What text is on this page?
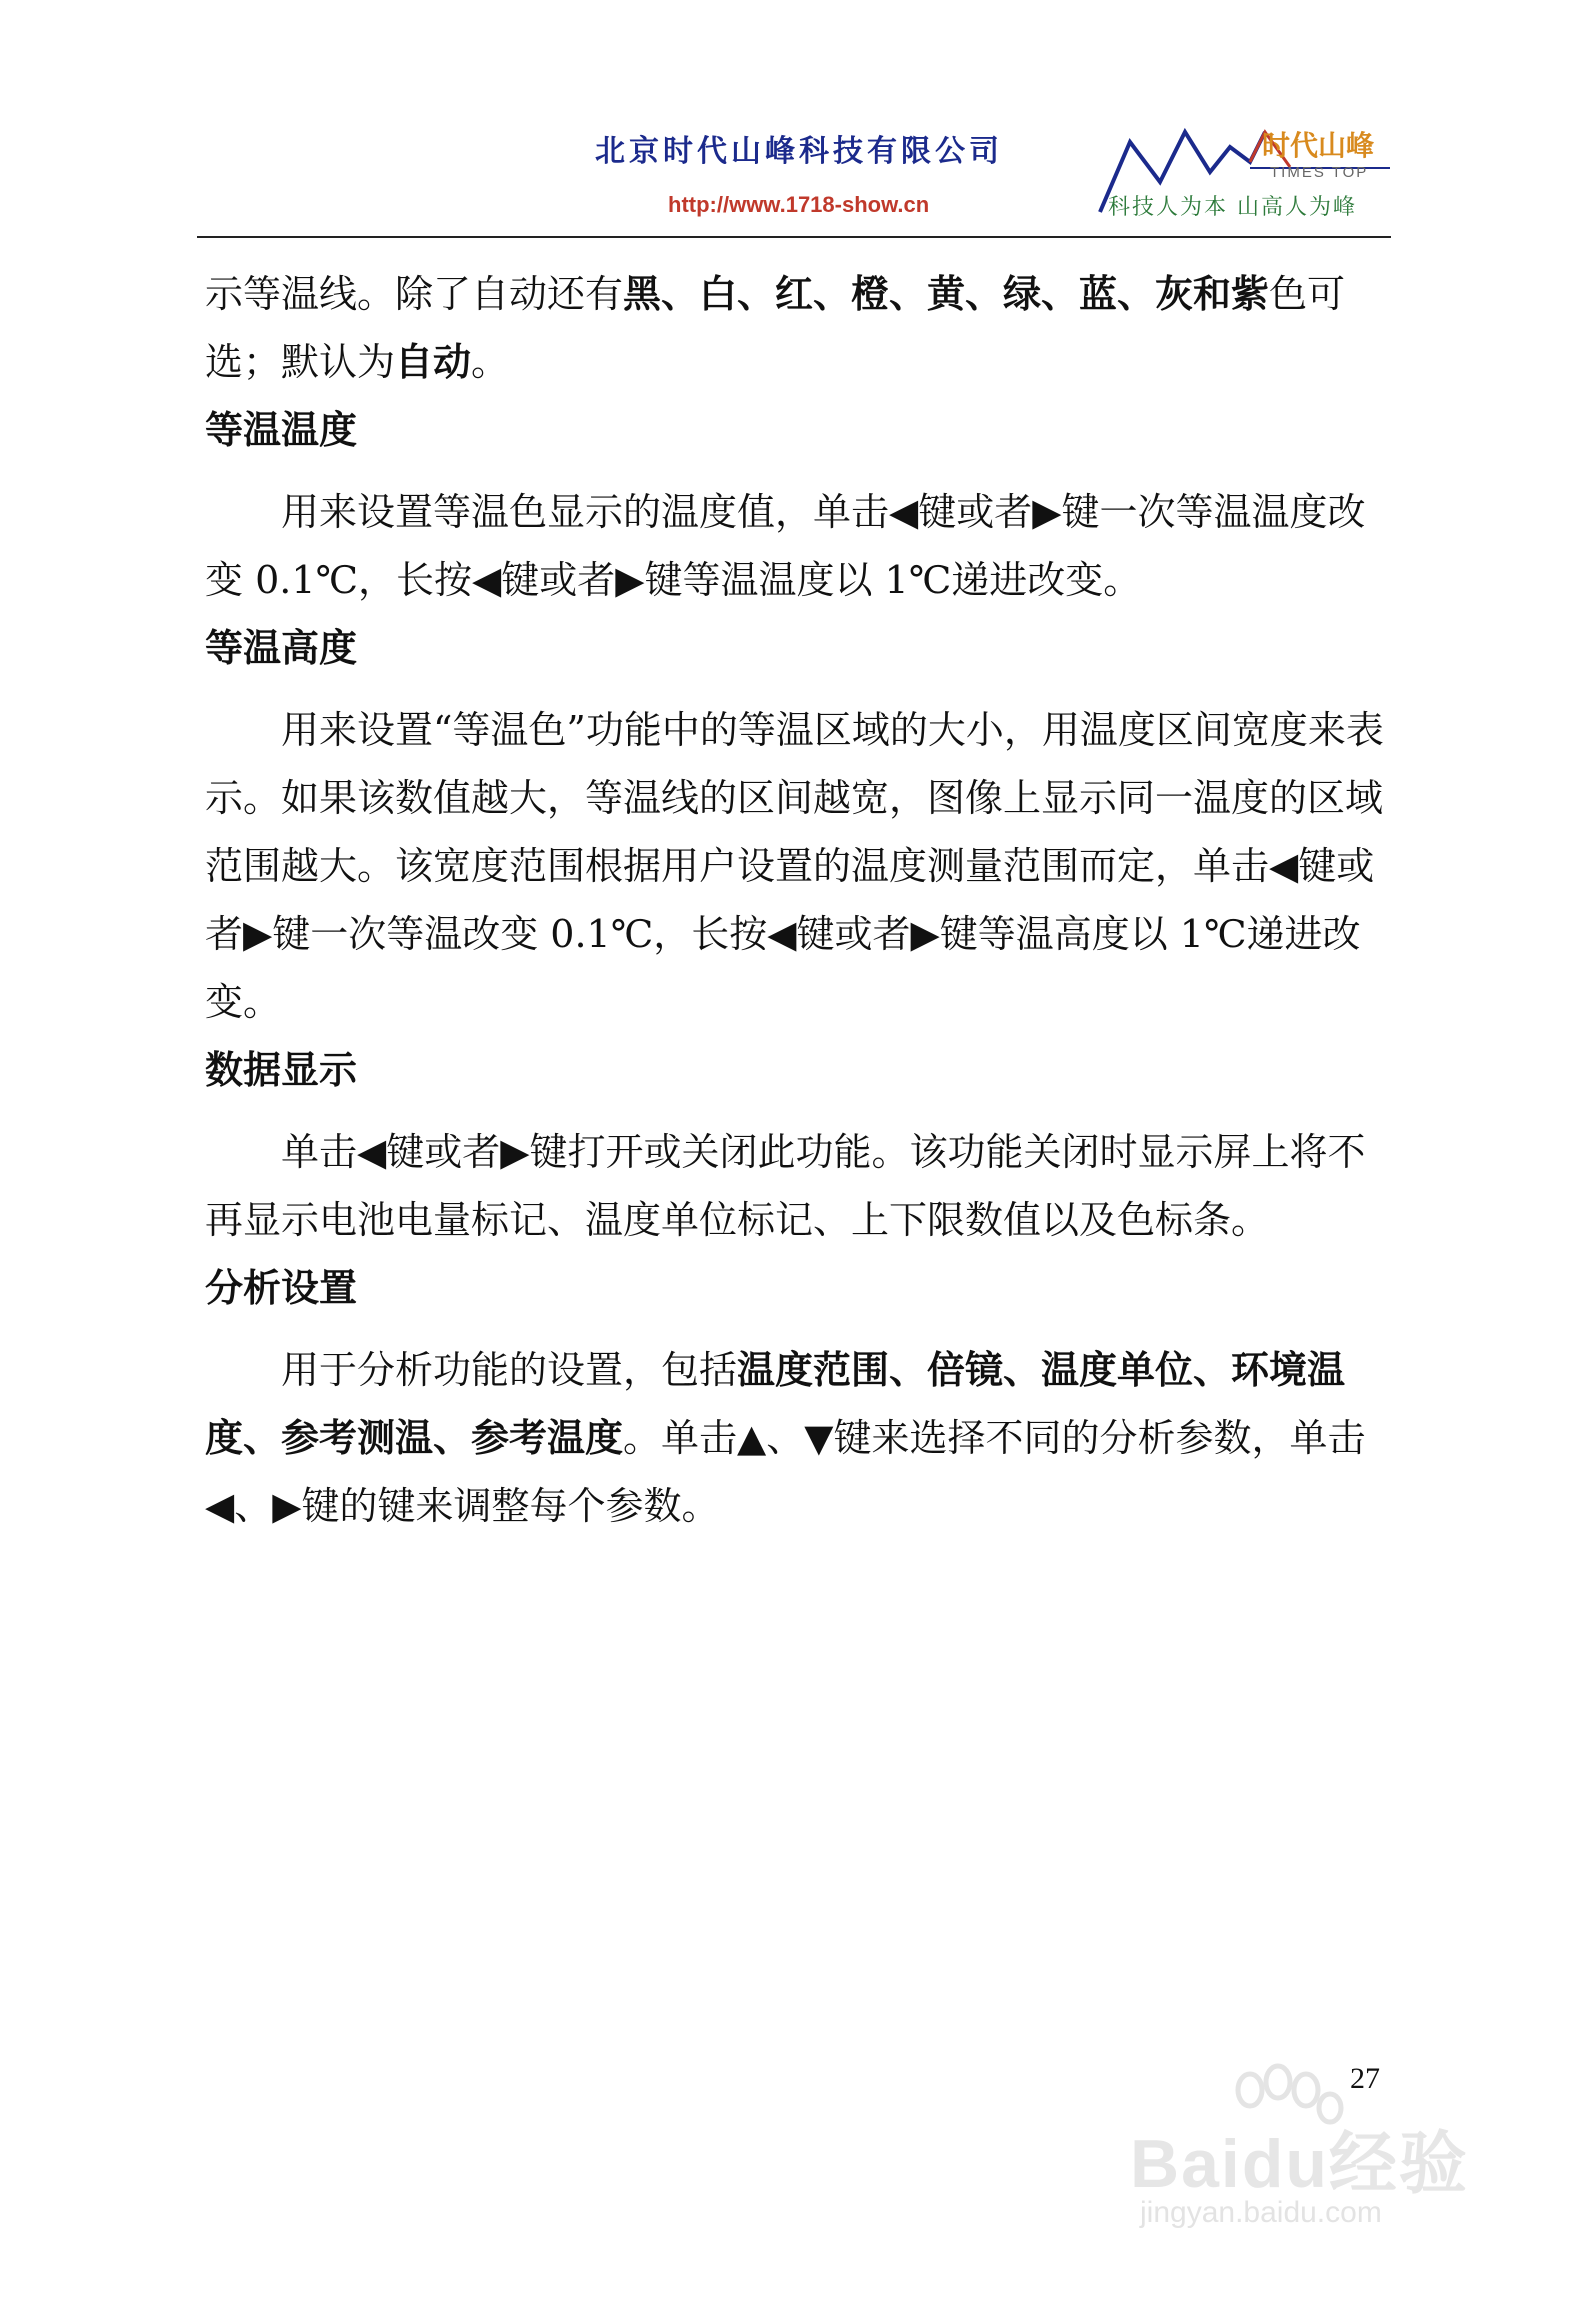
北京时代山峰科技有限公司
http://www.1718-show.cn
时代山峰
TIMES TOP
科技人为本 山高人为峰

示等温线。除了自动还有黑、白、红、橙、黄、绿、蓝、灰和紫色可选；默认为自动。

等温温度

用来设置等温色显示的温度值，单击◀键或者▶键一次等温温度改变 0.1℃，长按◀键或者▶键等温温度以 1℃递进改变。

等温高度

用来设置“等温色”功能中的等温区域的大小，用温度区间宽度来表示。如果该数值越大，等温线的区间越宽，图像上显示同一温度的区域范围越大。该宽度范围根据用户设置的温度测量范围而定，单击◀键或者▶键一次等温改变 0.1℃，长按◀键或者▶键等温高度以 1℃递进改变。

数据显示

单击◀键或者▶键打开或关闭此功能。该功能关闭时显示屏上将不再显示电池电量标记、温度单位标记、上下限数值以及色标条。

分析设置

用于分析功能的设置，包括温度范围、倍镜、温度单位、环境温度、参考测温、参考温度。单击▲、▼键来选择不同的分析参数，单击◀、▶键的键来调整每个参数。

Baidu经验
jingyan.baidu.com
27
